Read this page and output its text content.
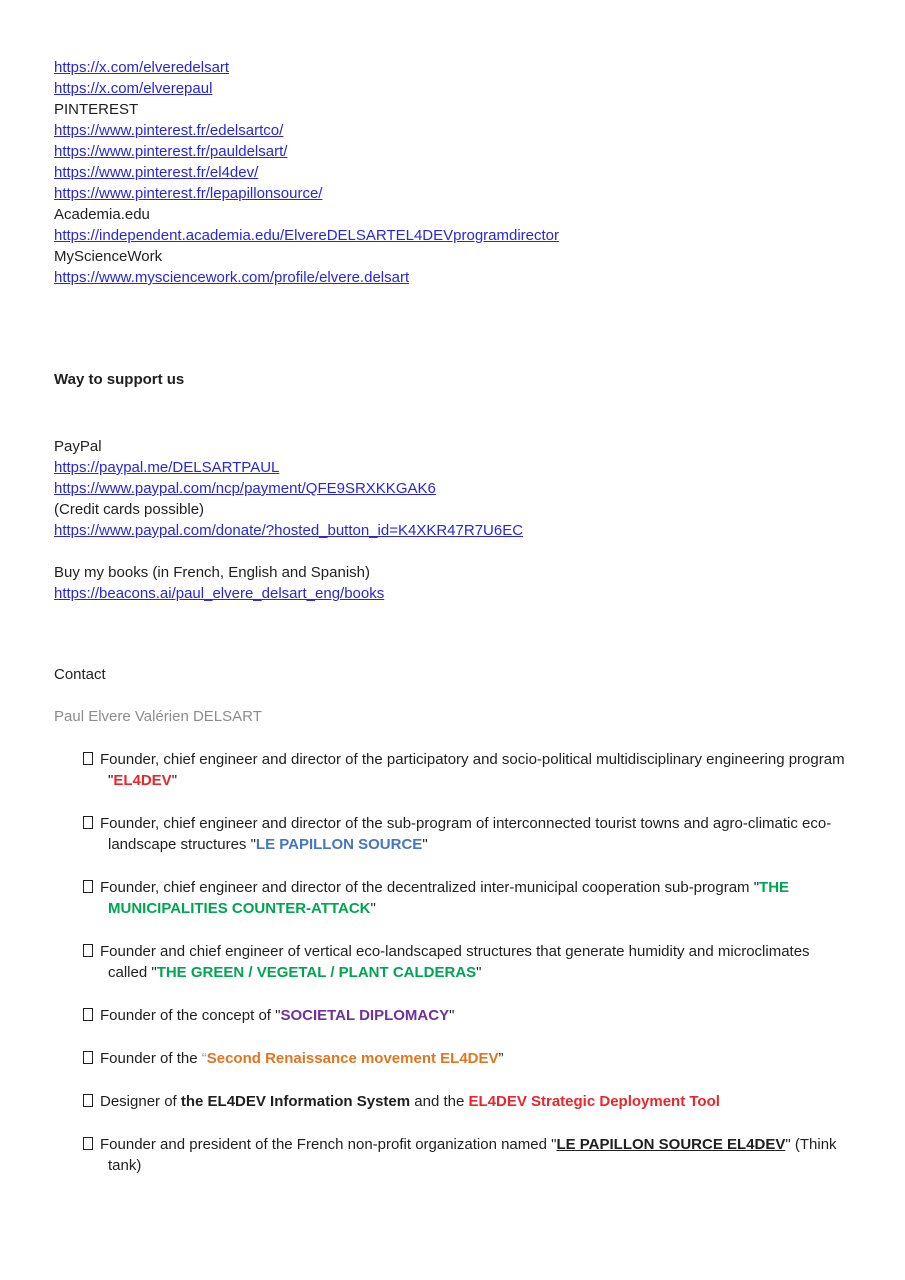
https://x.com/elveredelsart
https://x.com/elverepaul
PINTEREST
https://www.pinterest.fr/edelsartco/
https://www.pinterest.fr/pauldelsart/
https://www.pinterest.fr/el4dev/
https://www.pinterest.fr/lepapillonsource/
Academia.edu
https://independent.academia.edu/ElvereDELSARTEL4DEVprogramdirector
MyScienceWork
https://www.mysciencework.com/profile/elvere.delsart
Way to support us
PayPal
https://paypal.me/DELSARTPAUL
https://www.paypal.com/ncp/payment/QFE9SRXKKGAK6
(Credit cards possible)
https://www.paypal.com/donate/?hosted_button_id=K4XKR47R7U6EC
Buy my books (in French, English and Spanish)
https://beacons.ai/paul_elvere_delsart_eng/books
Contact
Paul Elvere Valérien DELSART
Founder, chief engineer and director of the participatory and socio-political multidisciplinary engineering program "EL4DEV"
Founder, chief engineer and director of the sub-program of interconnected tourist towns and agro-climatic eco-landscape structures "LE PAPILLON SOURCE"
Founder, chief engineer and director of the decentralized inter-municipal cooperation sub-program "THE MUNICIPALITIES COUNTER-ATTACK"
Founder and chief engineer of vertical eco-landscaped structures that generate humidity and microclimates called "THE GREEN / VEGETAL / PLANT CALDERAS"
Founder of the concept of "SOCIETAL DIPLOMACY"
Founder of the “Second Renaissance movement EL4DEV”
Designer of the EL4DEV Information System and the EL4DEV Strategic Deployment Tool
Founder and president of the French non-profit organization named "LE PAPILLON SOURCE EL4DEV" (Think tank)
